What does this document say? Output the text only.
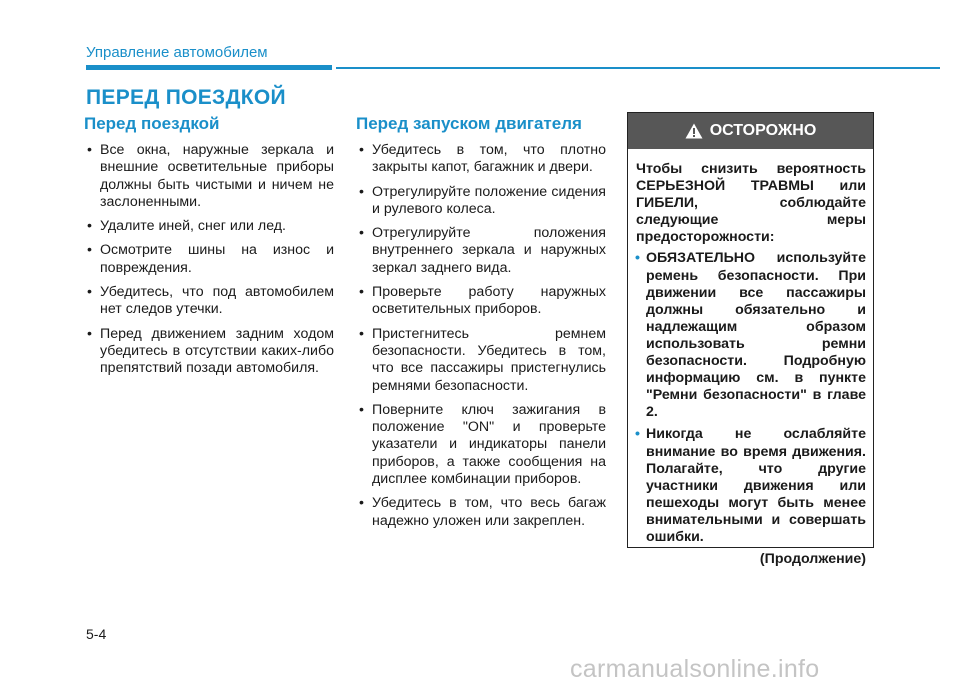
Управление автомобилем
ПЕРЕД ПОЕЗДКОЙ
Перед поездкой
• Все окна, наружные зеркала и внешние осветительные приборы должны быть чистыми и ничем не заслоненными.
• Удалите иней, снег или лед.
• Осмотрите шины на износ и повреждения.
• Убедитесь, что под автомобилем нет следов утечки.
• Перед движением задним ходом убедитесь в отсутствии каких-либо препятствий позади автомобиля.
Перед запуском двигателя
• Убедитесь в том, что плотно закрыты капот, багажник и двери.
• Отрегулируйте положение сидения и рулевого колеса.
• Отрегулируйте положения внутреннего зеркала и наружных зеркал заднего вида.
• Проверьте работу наружных осветительных приборов.
• Пристегнитесь ремнем безопасности. Убедитесь в том, что все пассажиры пристегнулись ремнями безопасности.
• Поверните ключ зажигания в положение "ON" и проверьте указатели и индикаторы панели приборов, а также сообщения на дисплее комбинации приборов.
• Убедитесь в том, что весь багаж надежно уложен или закреплен.
ОСТОРОЖНО
Чтобы снизить вероятность СЕРЬЕЗНОЙ ТРАВМЫ или ГИБЕЛИ, соблюдайте следующие меры предосторожности:
• ОБЯЗАТЕЛЬНО используйте ремень безопасности. При движении все пассажиры должны обязательно и надлежащим образом использовать ремни безопасности. Подробную информацию см. в пункте "Ремни безопасности" в главе 2.
• Никогда не ослабляйте внимание во время движения. Полагайте, что другие участники движения или пешеходы могут быть менее внимательными и совершать ошибки.
(Продолжение)
5-4
carmanualsonline.info
